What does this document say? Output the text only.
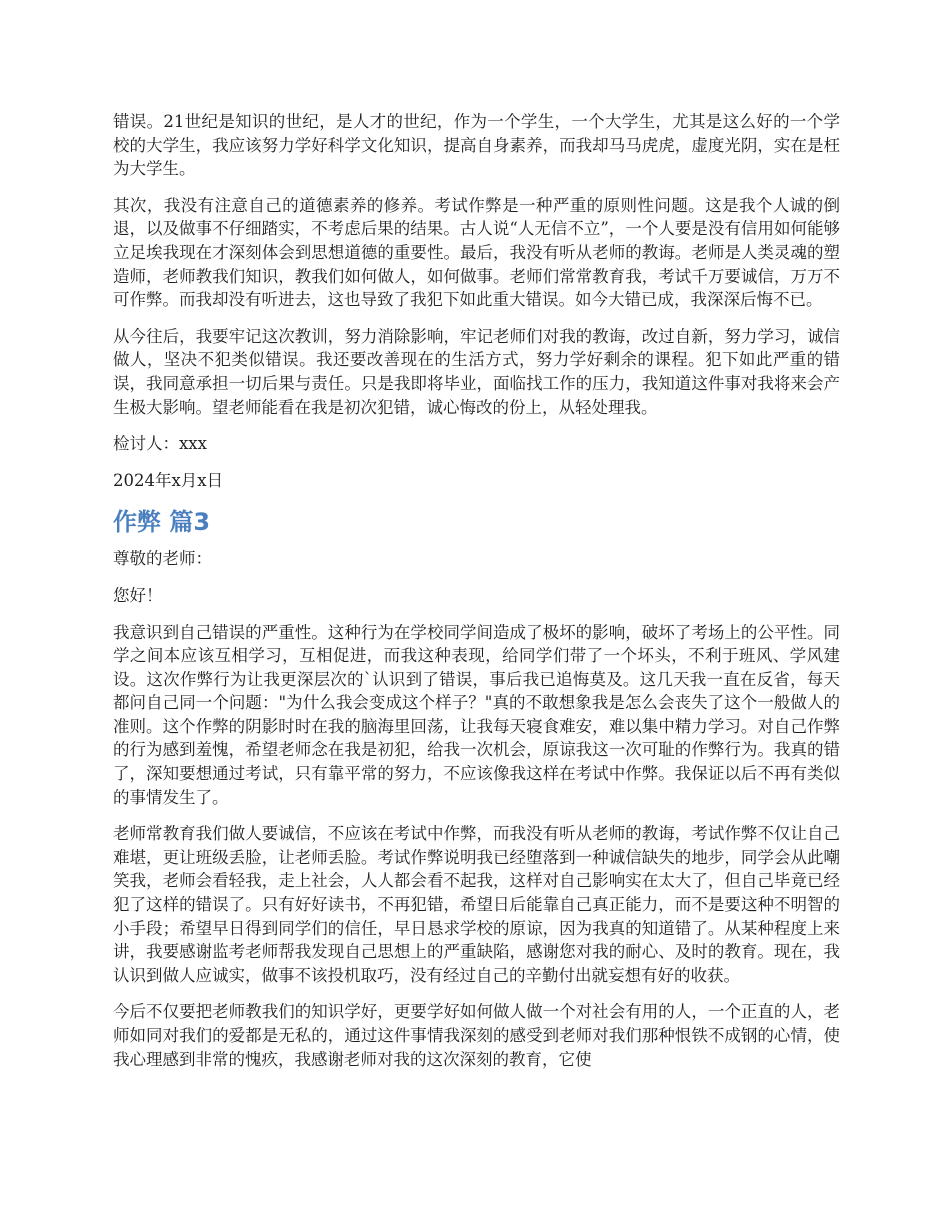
错误。21世纪是知识的世纪，是人才的世纪，作为一个学生，一个大学生，尤其是这么好的一个学校的大学生，我应该努力学好科学文化知识，提高自身素养，而我却马马虎虎，虚度光阴，实在是枉为大学生。

其次，我没有注意自己的道德素养的修养。考试作弊是一种严重的原则性问题。这是我个人诚的倒退，以及做事不仔细踏实，不考虑后果的结果。古人说“人无信不立”，一个人要是没有信用如何能够立足埃我现在才深刻体会到思想道德的重要性。最后，我没有听从老师的教诲。老师是人类灵魂的塑造师，老师教我们知识，教我们如何做人，如何做事。老师们常常教育我，考试千万要诚信，万万不可作弊。而我却没有听进去，这也导致了我犯下如此重大错误。如今大错已成，我深深后悔不已。

从今往后，我要牢记这次教训，努力消除影响，牢记老师们对我的教诲，改过自新，努力学习，诚信做人，坚决不犯类似错误。我还要改善现在的生活方式，努力学好剩余的课程。犯下如此严重的错误，我同意承担一切后果与责任。只是我即将毕业，面临找工作的压力，我知道这件事对我将来会产生极大影响。望老师能看在我是初次犯错，诚心悔改的份上，从轻处理我。

检讨人：xxx

2024年x月x日

作弊 篇3

尊敬的老师：

您好！

我意识到自己错误的严重性。这种行为在学校同学间造成了极坏的影响，破坏了考场上的公平性。同学之间本应该互相学习，互相促进，而我这种表现，给同学们带了一个坏头，不利于班风、学风建设。这次作弊行为让我更深层次的`认识到了错误，事后我已追悔莫及。这几天我一直在反省，每天都问自己同一个问题："为什么我会变成这个样子？"真的不敢想象我是怎么会丧失了这个一般做人的准则。这个作弊的阴影时时在我的脑海里回荡，让我每天寝食难安，难以集中精力学习。对自己作弊的行为感到羞愧，希望老师念在我是初犯，给我一次机会，原谅我这一次可耻的作弊行为。我真的错了，深知要想通过考试，只有靠平常的努力，不应该像我这样在考试中作弊。我保证以后不再有类似的事情发生了。

老师常教育我们做人要诚信，不应该在考试中作弊，而我没有听从老师的教诲，考试作弊不仅让自己难堪，更让班级丢脸，让老师丢脸。考试作弊说明我已经堕落到一种诚信缺失的地步，同学会从此嘲笑我，老师会看轻我，走上社会，人人都会看不起我，这样对自己影响实在太大了，但自己毕竟已经犯了这样的错误了。只有好好读书，不再犯错，希望日后能靠自己真正能力，而不是要这种不明智的小手段；希望早日得到同学们的信任，早日恳求学校的原谅，因为我真的知道错了。从某种程度上来讲，我要感谢监考老师帮我发现自己思想上的严重缺陷，感谢您对我的耐心、及时的教育。现在，我认识到做人应诚实，做事不该投机取巧，没有经过自己的辛勤付出就妄想有好的收获。

今后不仅要把老师教我们的知识学好，更要学好如何做人做一个对社会有用的人，一个正直的人，老师如同对我们的爱都是无私的，通过这件事情我深刻的感受到老师对我们那种恨铁不成钢的心情，使我心理感到非常的愧疚，我感谢老师对我的这次深刻的教育，它使
